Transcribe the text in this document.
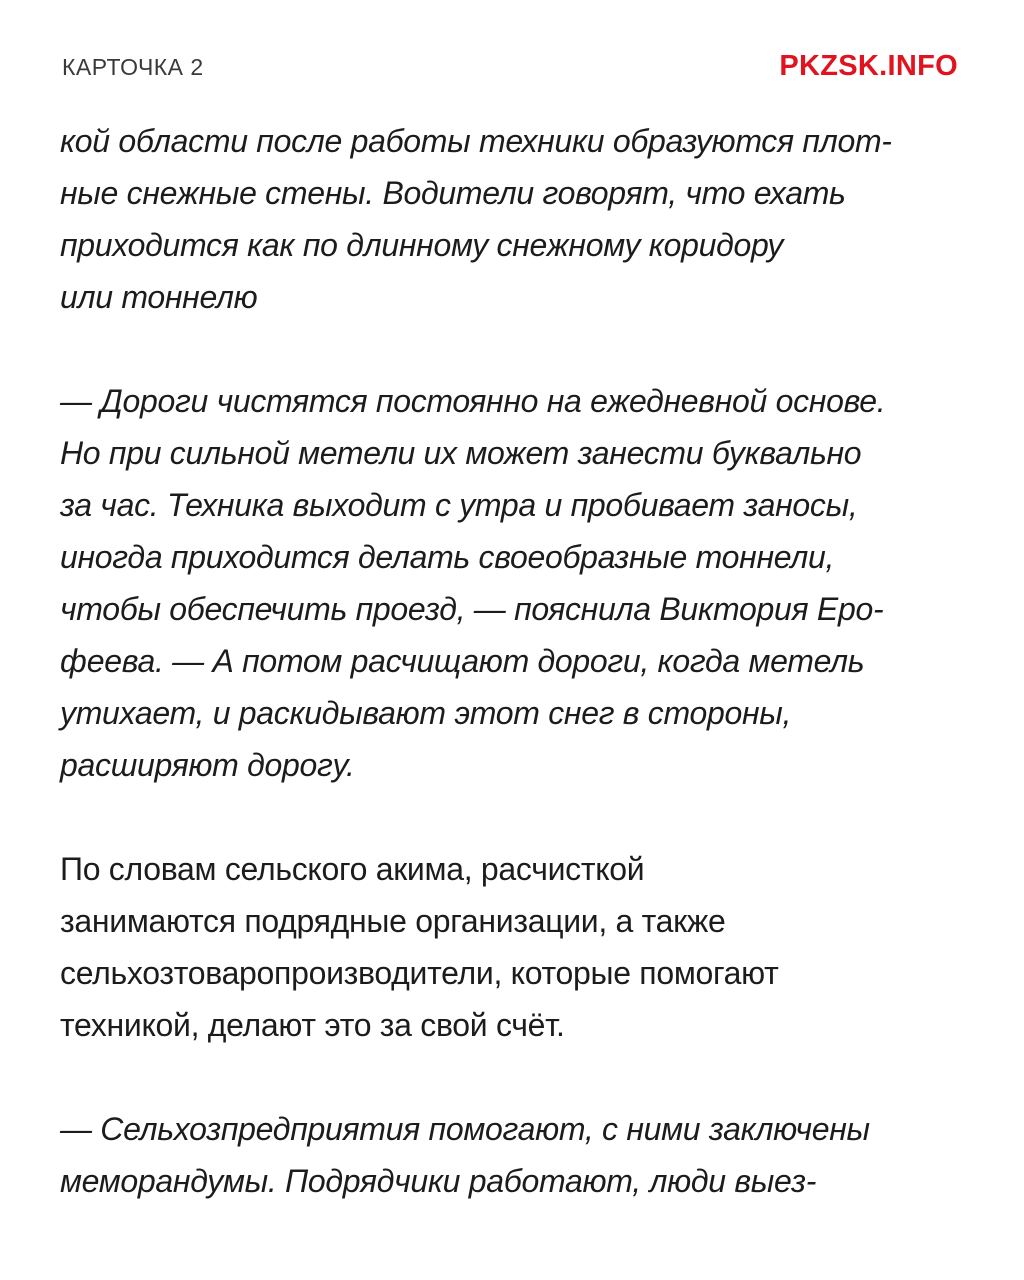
КАРТОЧКА 2	PKZSK.INFO
кой области после работы техники образуются плот-
ные снежные стены. Водители говорят, что ехать
приходится как по длинному снежному коридору
или тоннелю
— Дороги чистятся постоянно на ежедневной основе.
Но при сильной метели их может занести буквально
за час. Техника выходит с утра и пробивает заносы,
иногда приходится делать своеобразные тоннели,
чтобы обеспечить проезд, — пояснила Виктория Еро-
феева. — А потом расчищают дороги, когда метель
утихает, и раскидывают этот снег в стороны,
расширяют дорогу.
По словам сельского акима, расчисткой
занимаются подрядные организации, а также
сельхозтоваропроизводители, которые помогают
техникой, делают это за свой счёт.
— Сельхозпредприятия помогают, с ними заключены
меморандумы. Подрядчики работают, люди выез-
